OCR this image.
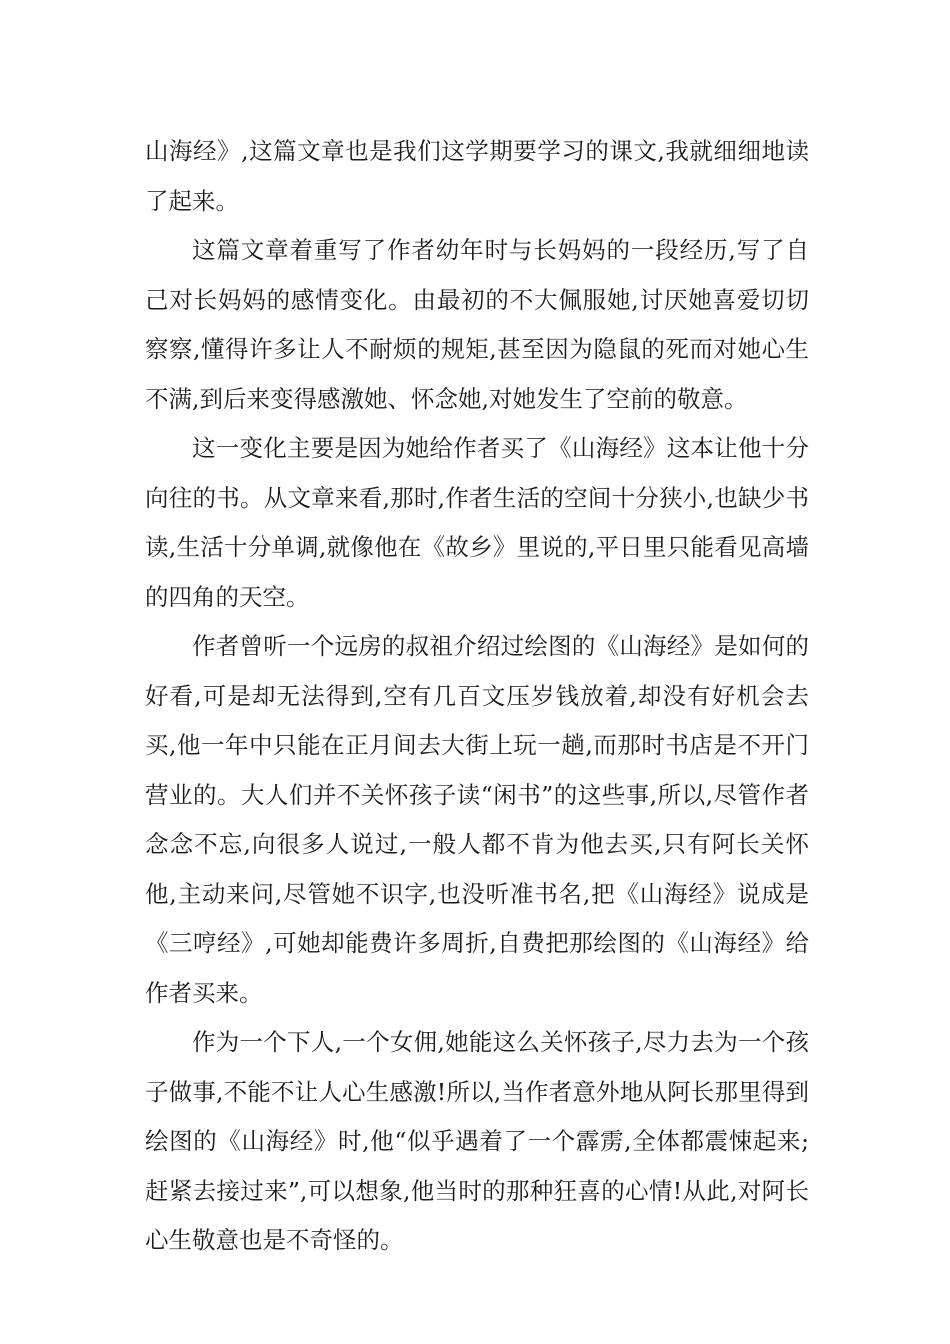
山海经》,这篇文章也是我们这学期要学习的课文,我就细细地读了起来。

这篇文章着重写了作者幼年时与长妈妈的一段经历,写了自己对长妈妈的感情变化。由最初的不大佩服她,讨厌她喜爱切切察察,懂得许多让人不耐烦的规矩,甚至因为隐鼠的死而对她心生不满,到后来变得感激她、怀念她,对她发生了空前的敬意。

这一变化主要是因为她给作者买了《山海经》这本让他十分向往的书。从文章来看,那时,作者生活的空间十分狭小,也缺少书读,生活十分单调,就像他在《故乡》里说的,平日里只能看见高墙的四角的天空。

作者曾听一个远房的叔祖介绍过绘图的《山海经》是如何的好看,可是却无法得到,空有几百文压岁钱放着,却没有好机会去买,他一年中只能在正月间去大街上玩一趟,而那时书店是不开门营业的。大人们并不关怀孩子读“闲书”的这些事,所以,尽管作者念念不忘,向很多人说过,一般人都不肯为他去买,只有阿长关怀他,主动来问,尽管她不识字,也没听准书名,把《山海经》说成是《三哼经》,可她却能费许多周折,自费把那绘图的《山海经》给作者买来。

作为一个下人,一个女佣,她能这么关怀孩子,尽力去为一个孩子做事,不能不让人心生感激!所以,当作者意外地从阿长那里得到绘图的《山海经》时,他“似乎遇着了一个霹雳,全体都震悚起来;赶紧去接过来”,可以想象,他当时的那种狂喜的心情!从此,对阿长心生敬意也是不奇怪的。
